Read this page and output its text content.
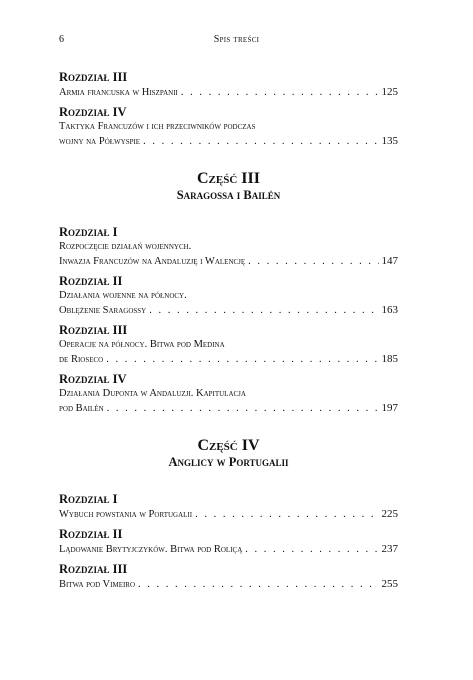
6	Spis treści
Rozdział III
Armia francuska w Hiszpanii . . .	125
Rozdział IV
Taktyka Francuzów i ich przeciwników podczas
wojny na Półwyspie . . .	135
Część III
Saragossa i Bailén
Rozdział I
Rozpoczęcie działań wojennych.
Inwazja Francuzów na Andaluzję i Walencję . . .	147
Rozdział II
Działania wojenne na północy.
Oblężenie Saragossy . . .	163
Rozdział III
Operacje na północy. Bitwa pod Medina
de Rioseco . . .	185
Rozdział IV
Działania Duponta w Andaluzji. Kapitulacja
pod Bailén . . .	197
Część IV
Anglicy w Portugalii
Rozdział I
Wybuch powstania w Portugalii . . .	225
Rozdział II
Lądowanie Brytyjczyków. Bitwa pod Roliçą . . .	237
Rozdział III
Bitwa pod Vimeiro . . .	255
